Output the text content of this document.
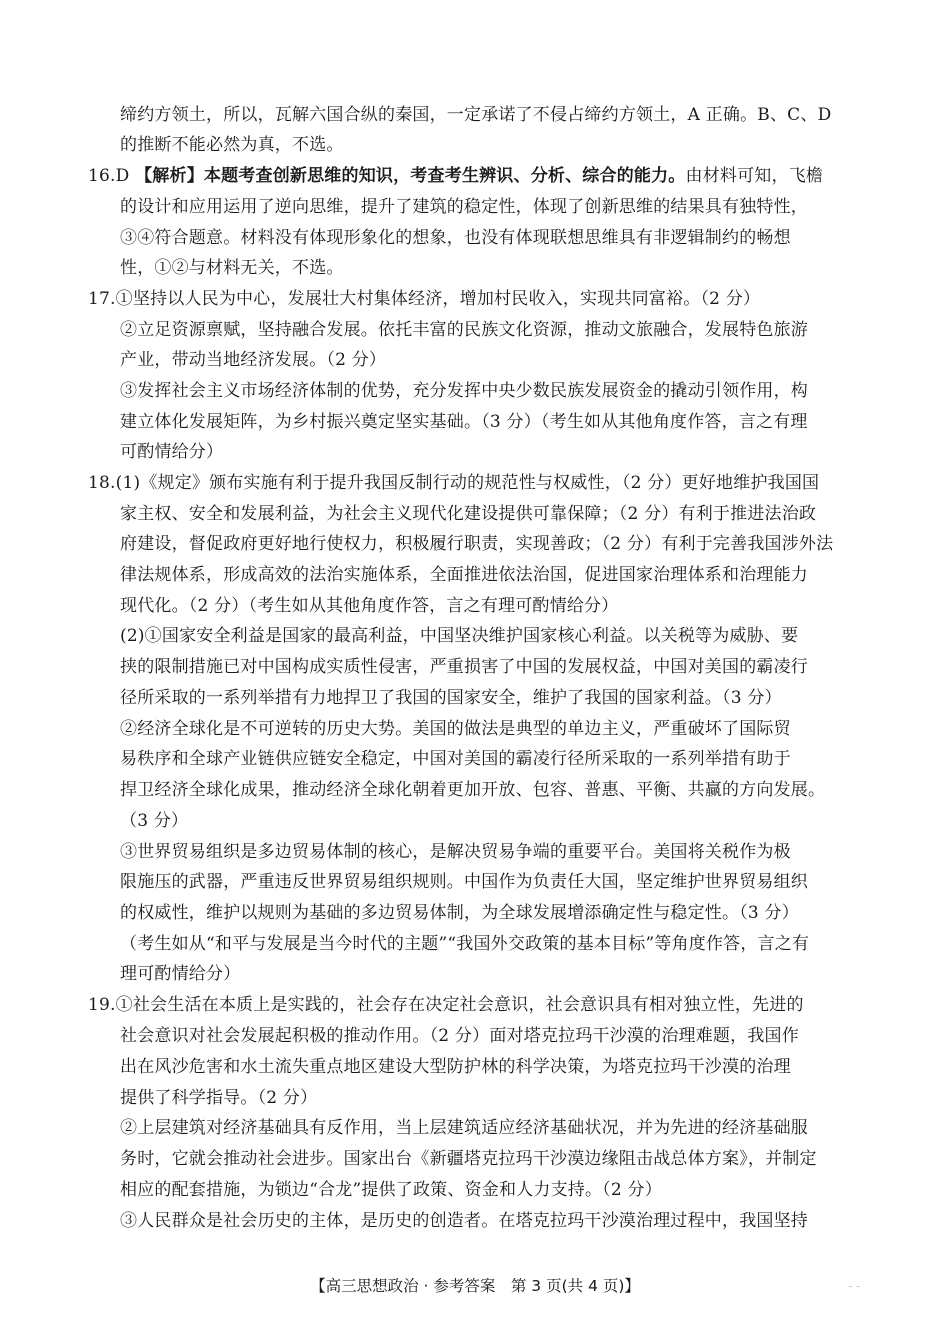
缔约方领土，所以，瓦解六国合纵的秦国，一定承诺了不侵占缔约方领土，A 正确。B、C、D
的推断不能必然为真，不选。
16.D 【解析】本题考查创新思维的知识，考查考生辨识、分析、综合的能力。由材料可知，飞檐
的设计和应用运用了逆向思维，提升了建筑的稳定性，体现了创新思维的结果具有独特性，
③④符合题意。材料没有体现形象化的想象，也没有体现联想思维具有非逻辑制约的畅想
性，①②与材料无关，不选。
17.①坚持以人民为中心，发展壮大村集体经济，增加村民收入，实现共同富裕。（2 分）
②立足资源禀赋，坚持融合发展。依托丰富的民族文化资源，推动文旅融合，发展特色旅游
产业，带动当地经济发展。（2 分）
③发挥社会主义市场经济体制的优势，充分发挥中央少数民族发展资金的撬动引领作用，构
建立体化发展矩阵，为乡村振兴奠定坚实基础。（3 分）（考生如从其他角度作答，言之有理
可酌情给分）
18.(1)《规定》颁布实施有利于提升我国反制行动的规范性与权威性，（2 分）更好地维护我国国
家主权、安全和发展利益，为社会主义现代化建设提供可靠保障；（2 分）有利于推进法治政
府建设，督促政府更好地行使权力，积极履行职责，实现善政；（2 分）有利于完善我国涉外法
律法规体系，形成高效的法治实施体系，全面推进依法治国，促进国家治理体系和治理能力
现代化。（2 分）（考生如从其他角度作答，言之有理可酌情给分）
(2)①国家安全利益是国家的最高利益，中国坚决维护国家核心利益。以关税等为威胁、要
挟的限制措施已对中国构成实质性侵害，严重损害了中国的发展权益，中国对美国的霸凌行
径所采取的一系列举措有力地捍卫了我国的国家安全，维护了我国的国家利益。（3 分）
②经济全球化是不可逆转的历史大势。美国的做法是典型的单边主义，严重破坏了国际贸
易秩序和全球产业链供应链安全稳定，中国对美国的霸凌行径所采取的一系列举措有助于
捍卫经济全球化成果，推动经济全球化朝着更加开放、包容、普惠、平衡、共赢的方向发展。
（3 分）
③世界贸易组织是多边贸易体制的核心，是解决贸易争端的重要平台。美国将关税作为极
限施压的武器，严重违反世界贸易组织规则。中国作为负责任大国，坚定维护世界贸易组织
的权威性，维护以规则为基础的多边贸易体制，为全球发展增添确定性与稳定性。（3 分）
（考生如从“和平与发展是当今时代的主题”“我国外交政策的基本目标”等角度作答，言之有
理可酌情给分）
19.①社会生活在本质上是实践的，社会存在决定社会意识，社会意识具有相对独立性，先进的
社会意识对社会发展起积极的推动作用。（2 分）面对塔克拉玛干沙漠的治理难题，我国作
出在风沙危害和水土流失重点地区建设大型防护林的科学决策，为塔克拉玛干沙漠的治理
提供了科学指导。（2 分）
②上层建筑对经济基础具有反作用，当上层建筑适应经济基础状况，并为先进的经济基础服
务时，它就会推动社会进步。国家出台《新疆塔克拉玛干沙漠边缘阻击战总体方案》，并制定
相应的配套措施，为锁边“合龙”提供了政策、资金和人力支持。（2 分）
③人民群众是社会历史的主体，是历史的创造者。在塔克拉玛干沙漠治理过程中，我国坚持
【高三思想政治 · 参考答案　第 3 页(共 4 页)】	⁻ ⁻
